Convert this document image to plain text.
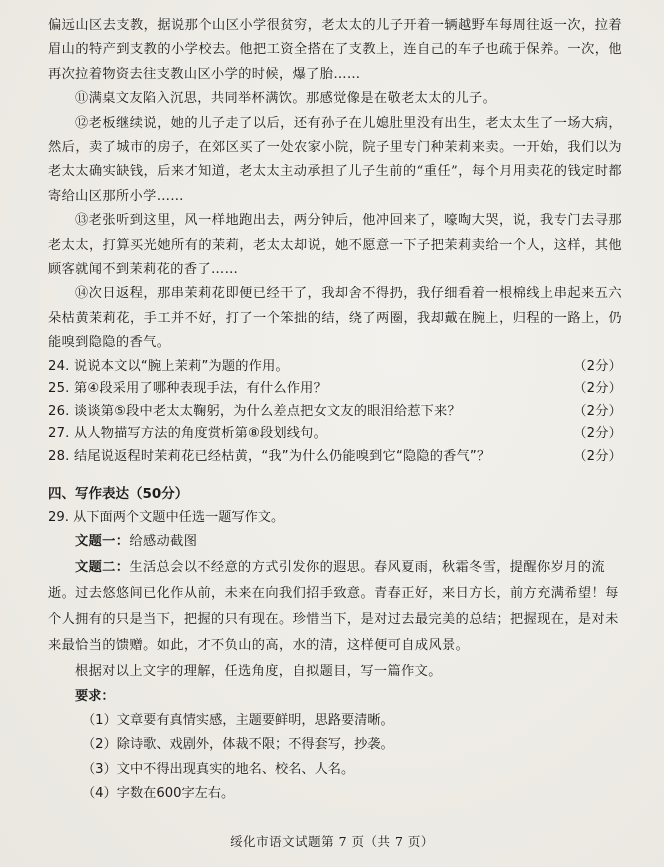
偏远山区去支教，据说那个山区小学很贫穷，老太太的儿子开着一辆越野车每周往返一次，拉着眉山的特产到支教的小学校去。他把工资全搭在了支教上，连自己的车子也疏于保养。一次，他再次拉着物资去往支教山区小学的时候，爆了胎……

⑪满桌文友陷入沉思，共同举杯满饮。那感觉像是在敬老太太的儿子。

⑫老板继续说，她的儿子走了以后，还有孙子在儿媳肚里没有出生，老太太生了一场大病，然后，卖了城市的房子，在郊区买了一处农家小院，院子里专门种茉莉来卖。一开始，我们以为老太太确实缺钱，后来才知道，老太太主动承担了儿子生前的“重任”，每个月用卖花的钱定时都寄给山区那所小学……

⑬老张听到这里，风一样地跑出去，两分钟后，他冲回来了，嚎啕大哭，说，我专门去寻那老太太，打算买光她所有的茉莉，老太太却说，她不愿意一下子把茉莉卖给一个人，这样，其他顾客就闻不到茉莉花的香了……

⑭次日返程，那串茉莉花即便已经干了，我却舍不得扔，我仔细看着一根棉线上串起来五六朵枯黄茉莉花，手工并不好，打了一个笨拙的结，绕了两圈，我却戴在腕上，归程的一路上，仍能嗅到隐隐的香气。

24. 说说本文以“腕上茉莉”为题的作用。	（2分）
25. 第④段采用了哪种表现手法，有什么作用？	（2分）
26. 谈谈第⑤段中老太太鞠躬，为什么差点把女文友的眼泪给惹下来？	（2分）
27. 从人物描写方法的角度赏析第⑧段划线句。	（2分）
28. 结尾说返程时茉莉花已经枯黄，“我”为什么仍能嗅到它“隐隐的香气”？	（2分）
四、写作表达（50分）
29. 从下面两个文题中任选一题写作文。

文题一：给感动截图

文题二：生活总会以不经意的方式引发你的遐思。春风夏雨，秋霜冬雪，提醒你岁月的流逝。过去悠悠间已化作从前，未来在向我们招手致意。青春正好，来日方长，前方充满希望！每个人拥有的只是当下，把握的只有现在。珍惜当下，是对过去最完美的总结；把握现在，是对未来最恰当的馈赠。如此，才不负山的高，水的清，这样便可自成风景。

根据对以上文字的理解，任选角度，自拟题目，写一篇作文。

要求：

（1）文章要有真情实感，主题要鲜明，思路要清晰。

（2）除诗歌、戏剧外，体裁不限；不得套写，抄袭。

（3）文中不得出现真实的地名、校名、人名。

（4）字数在600字左右。

绥化市语文试题第 7 页（共 7 页）
